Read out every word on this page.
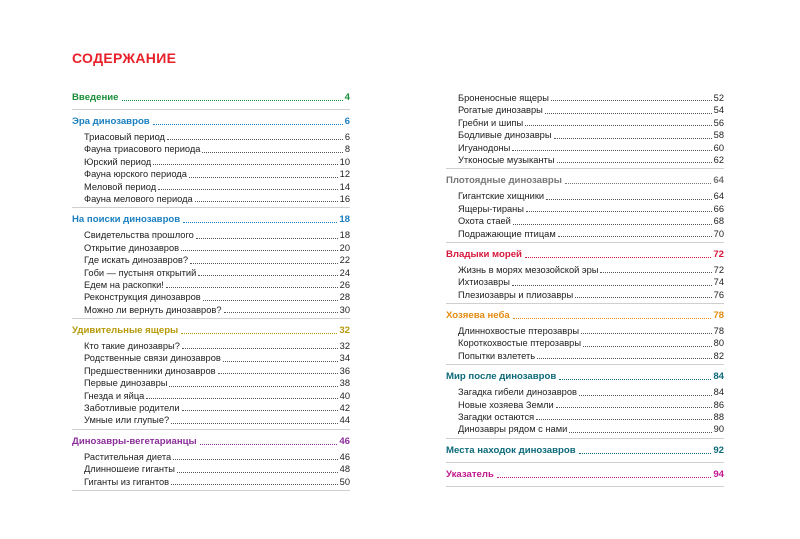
СОДЕРЖАНИЕ
Введение	4
Эра динозавров	6
Триасовый период	6
Фауна триасового периода	8
Юрский период	10
Фауна юрского периода	12
Меловой период	14
Фауна мелового периода	16
На поиски динозавров	18
Свидетельства прошлого	18
Открытие динозавров	20
Где искать динозавров?	22
Гоби — пустыня открытий	24
Едем на раскопки!	26
Реконструкция динозавров	28
Можно ли вернуть динозавров?	30
Удивительные ящеры	32
Кто такие динозавры?	32
Родственные связи динозавров	34
Предшественники динозавров	36
Первые динозавры	38
Гнезда и яйца	40
Заботливые родители	42
Умные или глупые?	44
Динозавры-вегетарианцы	46
Растительная диета	46
Длинношеие гиганты	48
Гиганты из гигантов	50
Броненосные ящеры	52
Рогатые динозавры	54
Гребни и шипы	56
Бодливые динозавры	58
Игуанодоны	60
Утконосые музыканты	62
Плотоядные динозавры	64
Гигантские хищники	64
Ящеры-тираны	66
Охота стаей	68
Подражающие птицам	70
Владыки морей	72
Жизнь в морях мезозойской эры	72
Ихтиозавры	74
Плезиозавры и плиозавры	76
Хозяева неба	78
Длиннохвостые птерозавры	78
Короткохвостые птерозавры	80
Попытки взлететь	82
Мир после динозавров	84
Загадка гибели динозавров	84
Новые хозяева Земли	86
Загадки остаются	88
Динозавры рядом с нами	90
Места находок динозавров	92
Указатель	94
